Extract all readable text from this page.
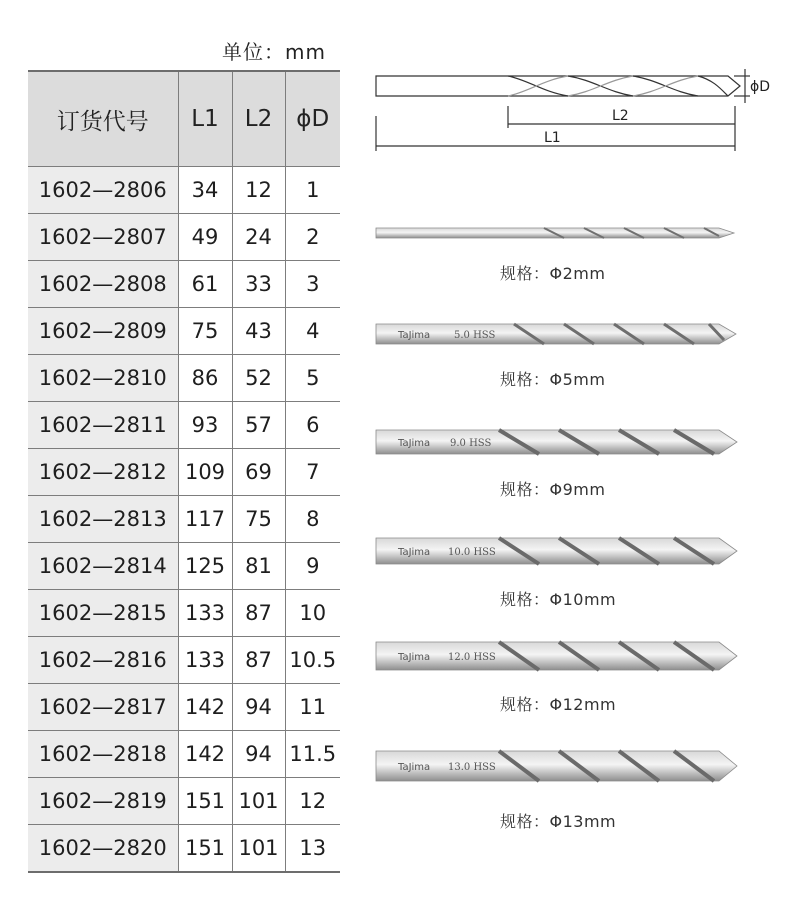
单位：mm
订货代号	L1	L2	ϕD
1602—2806	34	12	1
1602—2807	49	24	2
1602—2808	61	33	3
1602—2809	75	43	4
1602—2810	86	52	5
1602—2811	93	57	6
1602—2812	109	69	7
1602—2813	117	75	8
1602—2814	125	81	9
1602—2815	133	87	10
1602—2816	133	87	10.5
1602—2817	142	94	11
1602—2818	142	94	11.5
1602—2819	151	101	12
1602—2820	151	101	13
ϕD
L2
L1
规格：Φ2mm
TaJima 5.0 HSS
规格：Φ5mm
TaJima 9.0 HSS
规格：Φ9mm
TaJima 10.0 HSS
规格：Φ10mm
TaJima 12.0 HSS
规格：Φ12mm
TaJima 13.0 HSS
规格：Φ13mm
